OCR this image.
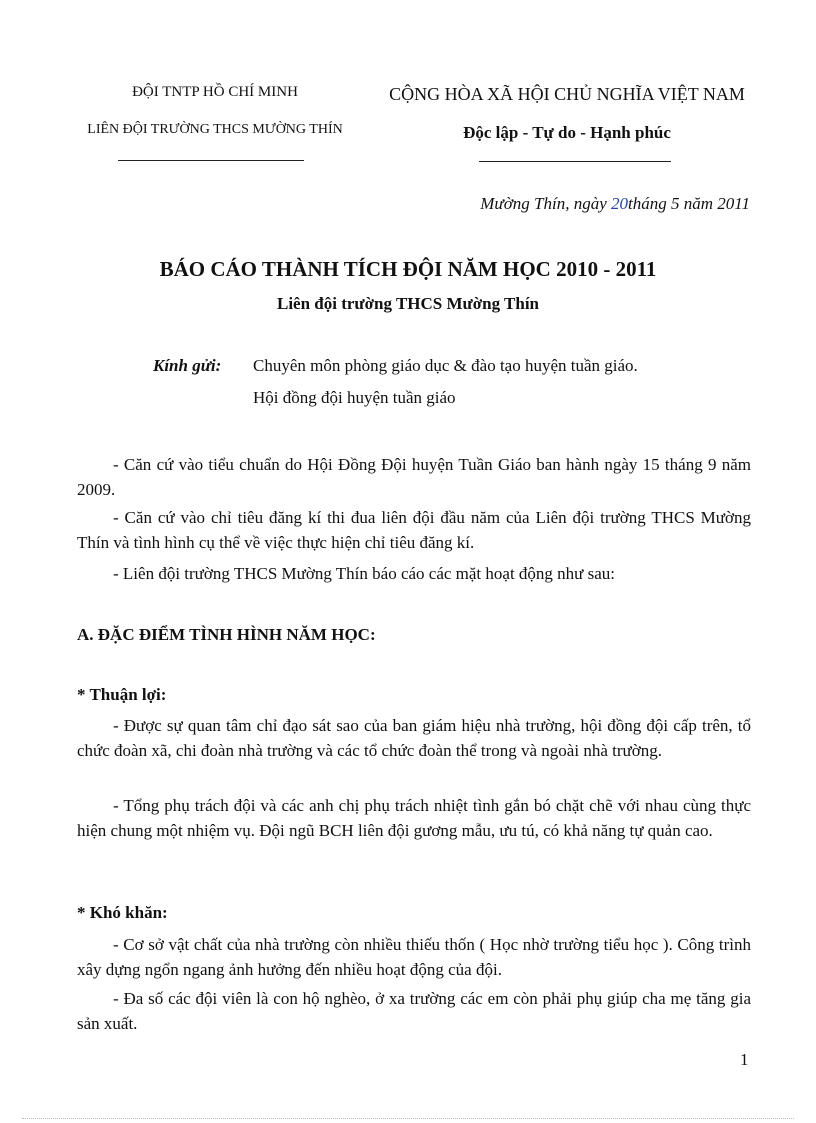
ĐỘI TNTP HỒ CHÍ MINH
LIÊN ĐỘI TRƯỜNG THCS MƯỜNG THÍN
CỘNG HÒA XÃ HỘI CHỦ NGHĨA VIỆT NAM
Độc lập - Tự do - Hạnh phúc
Mường Thín, ngày 20tháng 5 năm 2011
BÁO CÁO THÀNH TÍCH ĐỘI NĂM HỌC 2010 - 2011
Liên đội trường THCS Mường Thín
Kính gửi: Chuyên môn phòng giáo dục & đào tạo huyện tuần giáo.
Hội đồng đội huyện tuần giáo
- Căn cứ vào tiểu chuẩn do Hội Đồng Đội huyện Tuần Giáo ban hành ngày 15 tháng 9 năm 2009.
- Căn cứ vào chỉ tiêu đăng kí thi đua liên đội đầu năm của Liên đội trường THCS Mường Thín và tình hình cụ thể về việc thực hiện chỉ tiêu đăng kí.
- Liên đội trường THCS Mường Thín báo cáo các mặt hoạt động như sau:
A. ĐẶC ĐIỂM TÌNH HÌNH NĂM HỌC:
* Thuận lợi:
- Được sự quan tâm chỉ đạo sát sao của ban giám hiệu nhà trường, hội đồng đội cấp trên, tổ chức đoàn xã, chi đoàn nhà trường và các tổ chức đoàn thể trong và ngoài nhà trường.
- Tổng phụ trách đội và các anh chị phụ trách nhiệt tình gắn bó chặt chẽ với nhau cùng thực hiện chung một nhiệm vụ. Đội ngũ BCH liên đội gương mẫu, ưu tú, có khả năng tự quản cao.
* Khó khăn:
- Cơ sở vật chất của nhà trường còn nhiều thiếu thốn ( Học nhờ trường tiểu học ). Công trình xây dựng ngổn ngang ảnh hưởng đến nhiều hoạt động của đội.
- Đa số các đội viên là con hộ nghèo, ở xa trường các em còn phải phụ giúp cha mẹ tăng gia sản xuất.
1
